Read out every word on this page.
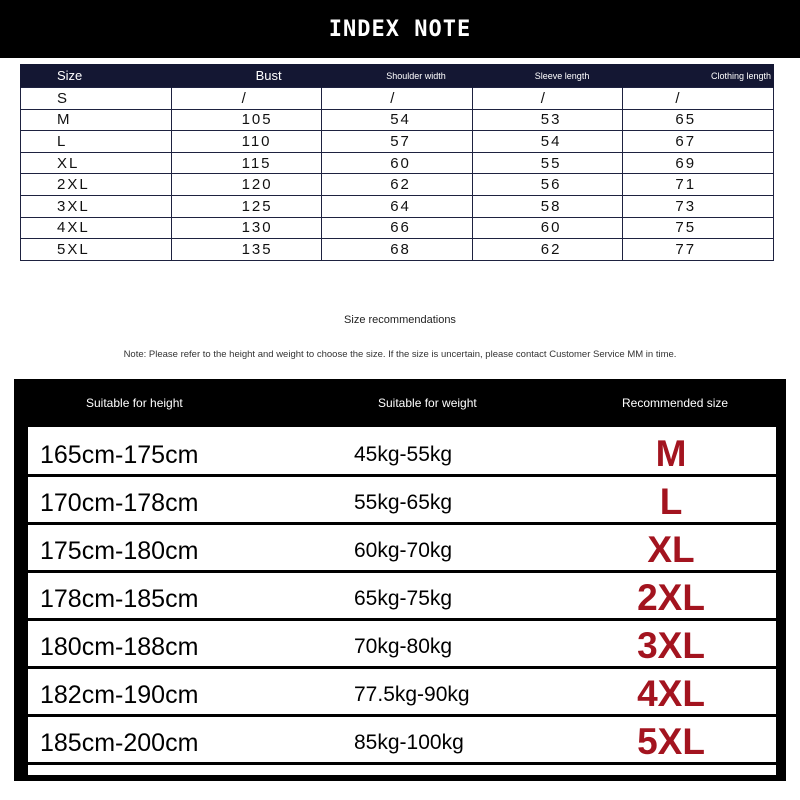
INDEX NOTE
Size	Bust	Shoulder width	Sleeve length	Clothing length
S	/	/	/	/
M	105	54	53	65
L	110	57	54	67
XL	115	60	55	69
2XL	120	62	56	71
3XL	125	64	58	73
4XL	130	66	60	75
5XL	135	68	62	77
Size recommendations
Note: Please refer to the height and weight to choose the size. If the size is uncertain, please contact Customer Service MM in time.
Suitable for height	Suitable for weight	Recommended size
165cm-175cm	45kg-55kg	M
170cm-178cm	55kg-65kg	L
175cm-180cm	60kg-70kg	XL
178cm-185cm	65kg-75kg	2XL
180cm-188cm	70kg-80kg	3XL
182cm-190cm	77.5kg-90kg	4XL
185cm-200cm	85kg-100kg	5XL
